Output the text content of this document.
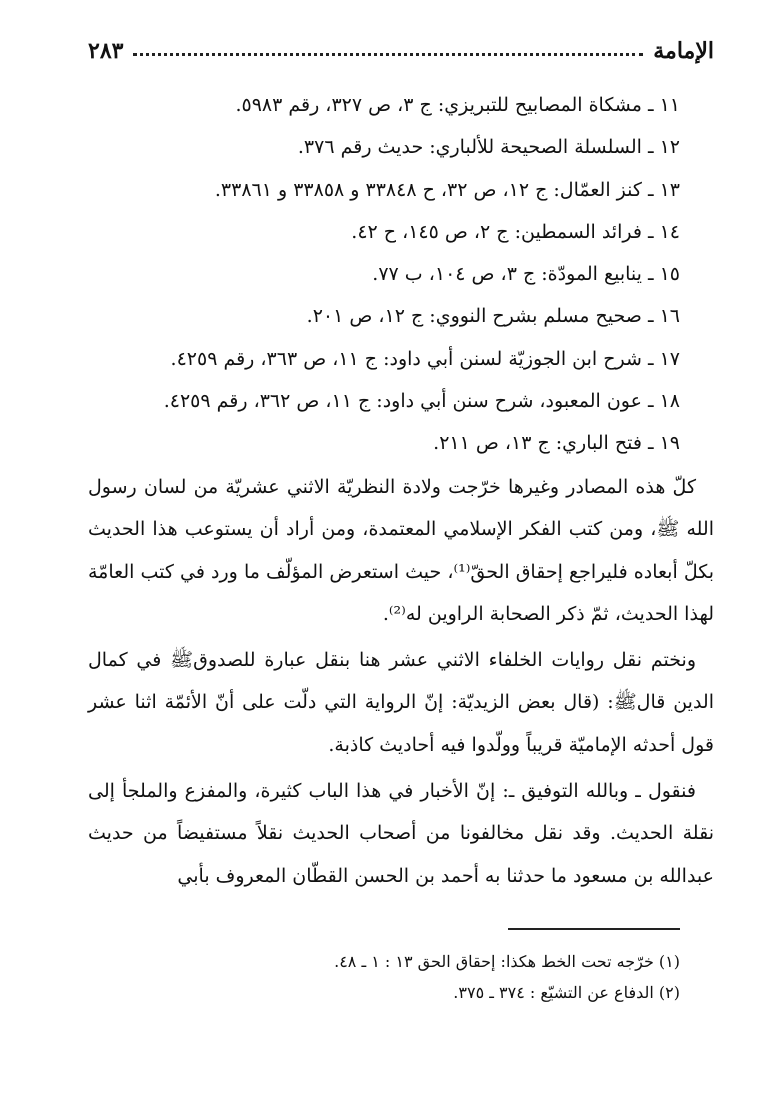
الإمامة
٢٨٣
١١ ـ مشكاة المصابيح للتبريزي: ج ٣، ص ٣٢٧، رقم ٥٩٨٣.
١٢ ـ السلسلة الصحيحة للألباري: حديث رقم ٣٧٦.
١٣ ـ كنز العمّال: ج ١٢، ص ٣٢، ح ٣٣٨٤٨ و ٣٣٨٥٨ و ٣٣٨٦١.
١٤ ـ فرائد السمطين: ج ٢، ص ١٤٥، ح ٤٢.
١٥ ـ ينابيع المودّة: ج ٣، ص ١٠٤، ب ٧٧.
١٦ ـ صحيح مسلم بشرح النووي: ج ١٢، ص ٢٠١.
١٧ ـ شرح ابن الجوزيّة لسنن أبي داود: ج ١١، ص ٣٦٣، رقم ٤٢٥٩.
١٨ ـ عون المعبود، شرح سنن أبي داود: ج ١١، ص ٣٦٢، رقم ٤٢٥٩.
١٩ ـ فتح الباري: ج ١٣، ص ٢١١.

كلّ هذه المصادر وغيرها خرّجت ولادة النظريّة الاثني عشريّة من لسان رسول الله ﷺ، ومن كتب الفكر الإسلامي المعتمدة، ومن أراد أن يستوعب هذا الحديث بكلّ أبعاده فليراجع إحقاق الحقّ⁽¹⁾، حيث استعرض المؤلّف ما ورد في كتب العامّة لهذا الحديث، ثمّ ذكر الصحابة الراوين له⁽²⁾.

ونختم نقل روايات الخلفاء الاثني عشر هنا بنقل عبارة للصدوقﷺ في كمال الدين قالﷺ: (قال بعض الزيديّة: إنّ الرواية التي دلّت على أنّ الأئمّة اثنا عشر قول أحدثه الإماميّة قريباً وولّدوا فيه أحاديث كاذبة.

فنقول ـ وبالله التوفيق ـ: إنّ الأخبار في هذا الباب كثيرة، والمفزع والملجأ إلى نقلة الحديث. وقد نقل مخالفونا من أصحاب الحديث نقلاً مستفيضاً من حديث عبدالله بن مسعود ما حدثنا به أحمد بن الحسن القطّان المعروف بأبي

(١) خرّجه تحت الخط هكذا: إحقاق الحق ١٣ : ١ ـ ٤٨.
(٢) الدفاع عن التشيّع : ٣٧٤ ـ ٣٧٥.
